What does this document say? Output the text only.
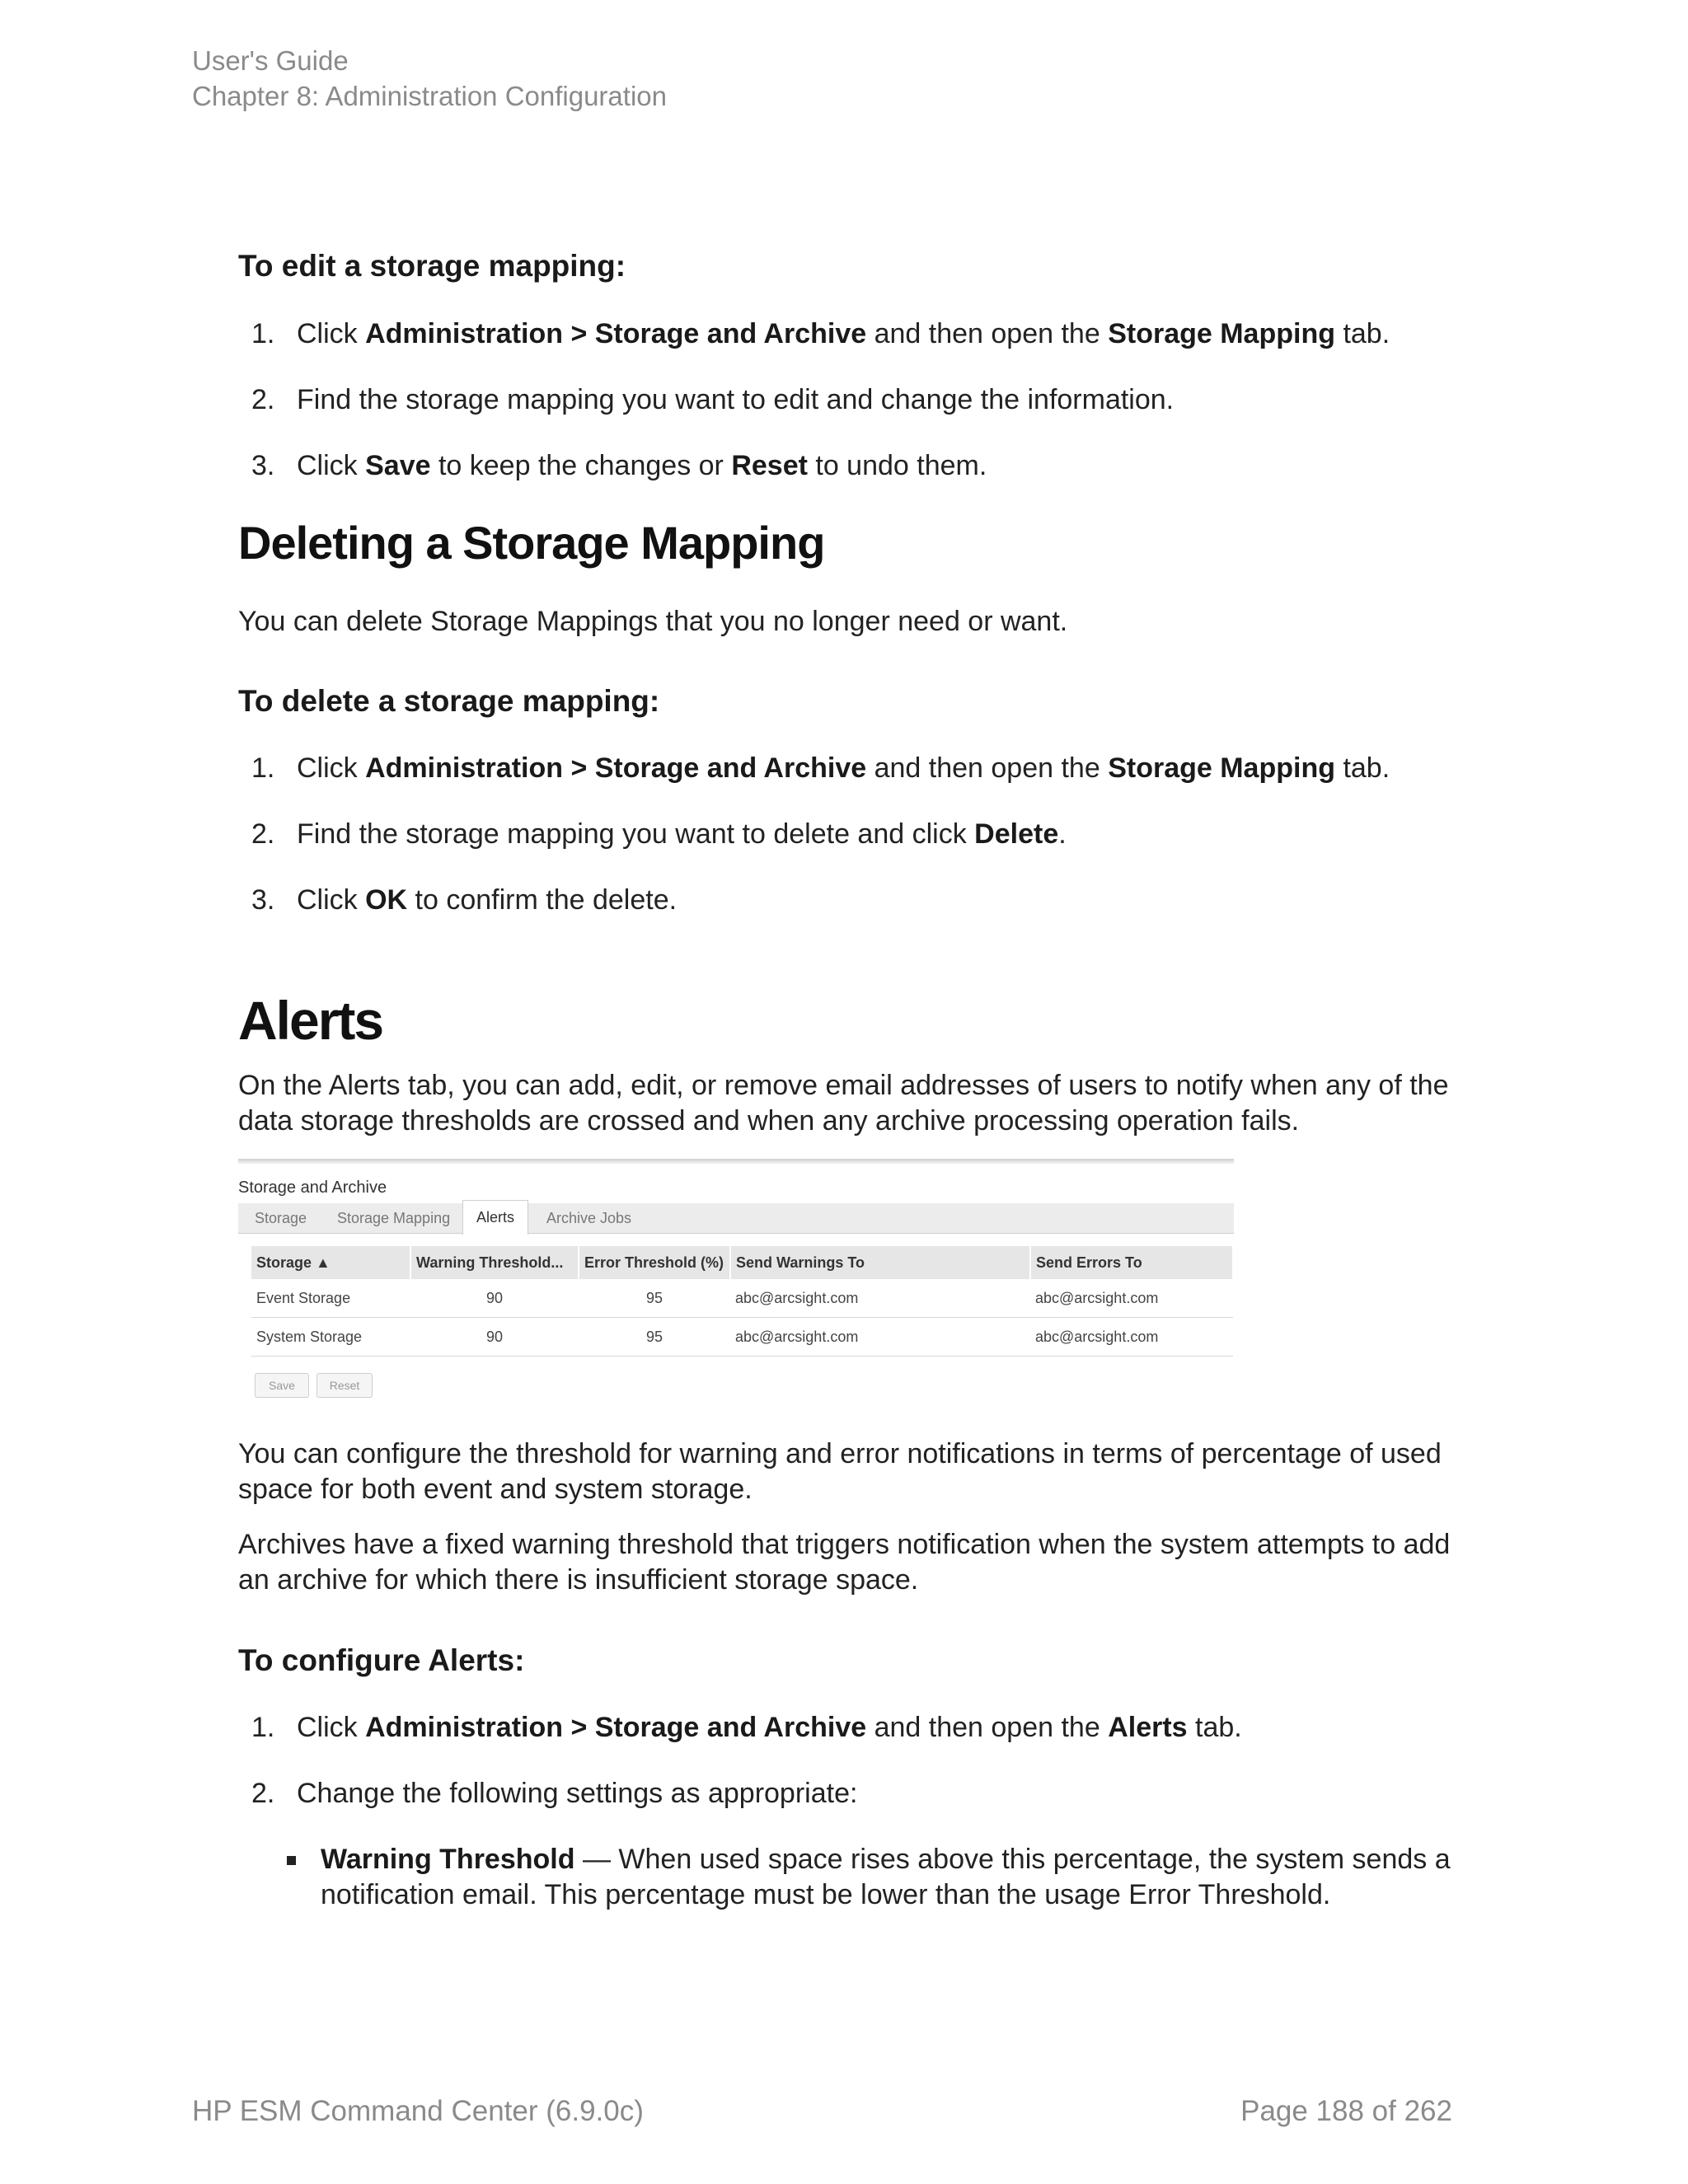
User's Guide
Chapter 8: Administration Configuration
To edit a storage mapping:
1. Click Administration > Storage and Archive and then open the Storage Mapping tab.
2. Find the storage mapping you want to edit and change the information.
3. Click Save to keep the changes or Reset to undo them.
Deleting a Storage Mapping
You can delete Storage Mappings that you no longer need or want.
To delete a storage mapping:
1. Click Administration > Storage and Archive and then open the Storage Mapping tab.
2. Find the storage mapping you want to delete and click Delete.
3. Click OK to confirm the delete.
Alerts
On the Alerts tab, you can add, edit, or remove email addresses of users to notify when any of the data storage thresholds are crossed and when any archive processing operation fails.
Storage and Archive
Storage Storage Mapping	Alerts	Archive Jobs
Storage ▲	Warning Threshold...	Error Threshold (%)	Send Warnings To	Send Errors To
Event Storage	90	95	abc@arcsight.com	abc@arcsight.com
System Storage	90	95	abc@arcsight.com	abc@arcsight.com
Save	Reset
You can configure the threshold for warning and error notifications in terms of percentage of used space for both event and system storage.
Archives have a fixed warning threshold that triggers notification when the system attempts to add an archive for which there is insufficient storage space.
To configure Alerts:
1. Click Administration > Storage and Archive and then open the Alerts tab.
2. Change the following settings as appropriate:
Warning Threshold — When used space rises above this percentage, the system sends a notification email. This percentage must be lower than the usage Error Threshold.
HP ESM Command Center (6.9.0c)	Page 188 of 262
